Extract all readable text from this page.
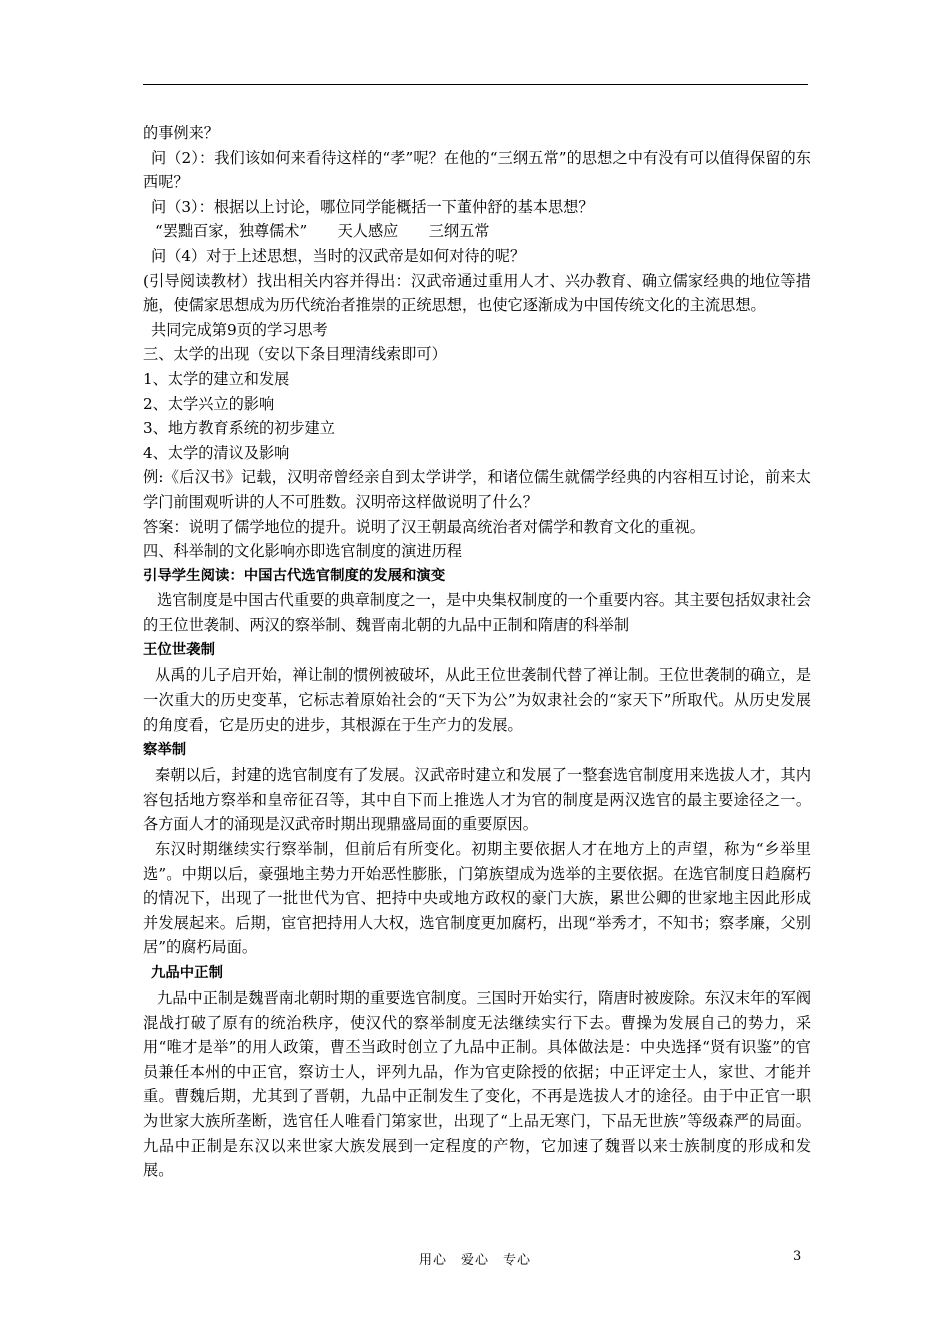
的事例来？

问（2）：我们该如何来看待这样的“孝”呢？在他的“三纲五常”的思想之中有没有可以值得保留的东西呢？

问（3）：根据以上讨论，哪位同学能概括一下董仲舒的基本思想？

“罢黜百家，独尊儒术”　　天人感应　　三纲五常

问（4）对于上述思想，当时的汉武帝是如何对待的呢？

(引导阅读教材）找出相关内容并得出：汉武帝通过重用人才、兴办教育、确立儒家经典的地位等措施，使儒家思想成为历代统治者推崇的正统思想，也使它逐渐成为中国传统文化的主流思想。

共同完成第9页的学习思考

三、太学的出现（安以下条目理清线索即可）

1、太学的建立和发展

2、太学兴立的影响

3、地方教育系统的初步建立

4、太学的清议及影响

例:《后汉书》记载，汉明帝曾经亲自到太学讲学，和诸位儒生就儒学经典的内容相互讨论，前来太学门前围观听讲的人不可胜数。汉明帝这样做说明了什么？

答案：说明了儒学地位的提升。说明了汉王朝最高统治者对儒学和教育文化的重视。

四、科举制的文化影响亦即选官制度的演进历程

引导学生阅读：中国古代选官制度的发展和演变

选官制度是中国古代重要的典章制度之一，是中央集权制度的一个重要内容。其主要包括奴隶社会的王位世袭制、两汉的察举制、魏晋南北朝的九品中正制和隋唐的科举制

王位世袭制

从禹的儿子启开始，禅让制的惯例被破坏，从此王位世袭制代替了禅让制。王位世袭制的确立，是一次重大的历史变革，它标志着原始社会的“天下为公”为奴隶社会的“家天下”所取代。从历史发展的角度看，它是历史的进步，其根源在于生产力的发展。

察举制

秦朝以后，封建的选官制度有了发展。汉武帝时建立和发展了一整套选官制度用来选拔人才，其内容包括地方察举和皇帝征召等，其中自下而上推选人才为官的制度是两汉选官的最主要途径之一。各方面人才的涌现是汉武帝时期出现鼎盛局面的重要原因。

东汉时期继续实行察举制，但前后有所变化。初期主要依据人才在地方上的声望，称为“乡举里选”。中期以后，豪强地主势力开始恶性膨胀，门第族望成为选举的主要依据。在选官制度日趋腐朽的情况下，出现了一批世代为官、把持中央或地方政权的豪门大族，累世公卿的世家地主因此形成并发展起来。后期，宦官把持用人大权，选官制度更加腐朽，出现“举秀才，不知书；察孝廉，父别居”的腐朽局面。

九品中正制

九品中正制是魏晋南北朝时期的重要选官制度。三国时开始实行，隋唐时被废除。东汉末年的军阀混战打破了原有的统治秩序，使汉代的察举制度无法继续实行下去。曹操为发展自己的势力，采用“唯才是举”的用人政策，曹丕当政时创立了九品中正制。具体做法是：中央选择“贤有识鉴”的官员兼任本州的中正官，察访士人，评列九品，作为官吏除授的依据；中正评定士人，家世、才能并重。曹魏后期，尤其到了晋朝，九品中正制发生了变化，不再是选拔人才的途径。由于中正官一职为世家大族所垄断，选官任人唯看门第家世，出现了“上品无寒门，下品无世族”等级森严的局面。九品中正制是东汉以来世家大族发展到一定程度的产物，它加速了魏晋以来士族制度的形成和发展。

用心　爱心　专心	3
